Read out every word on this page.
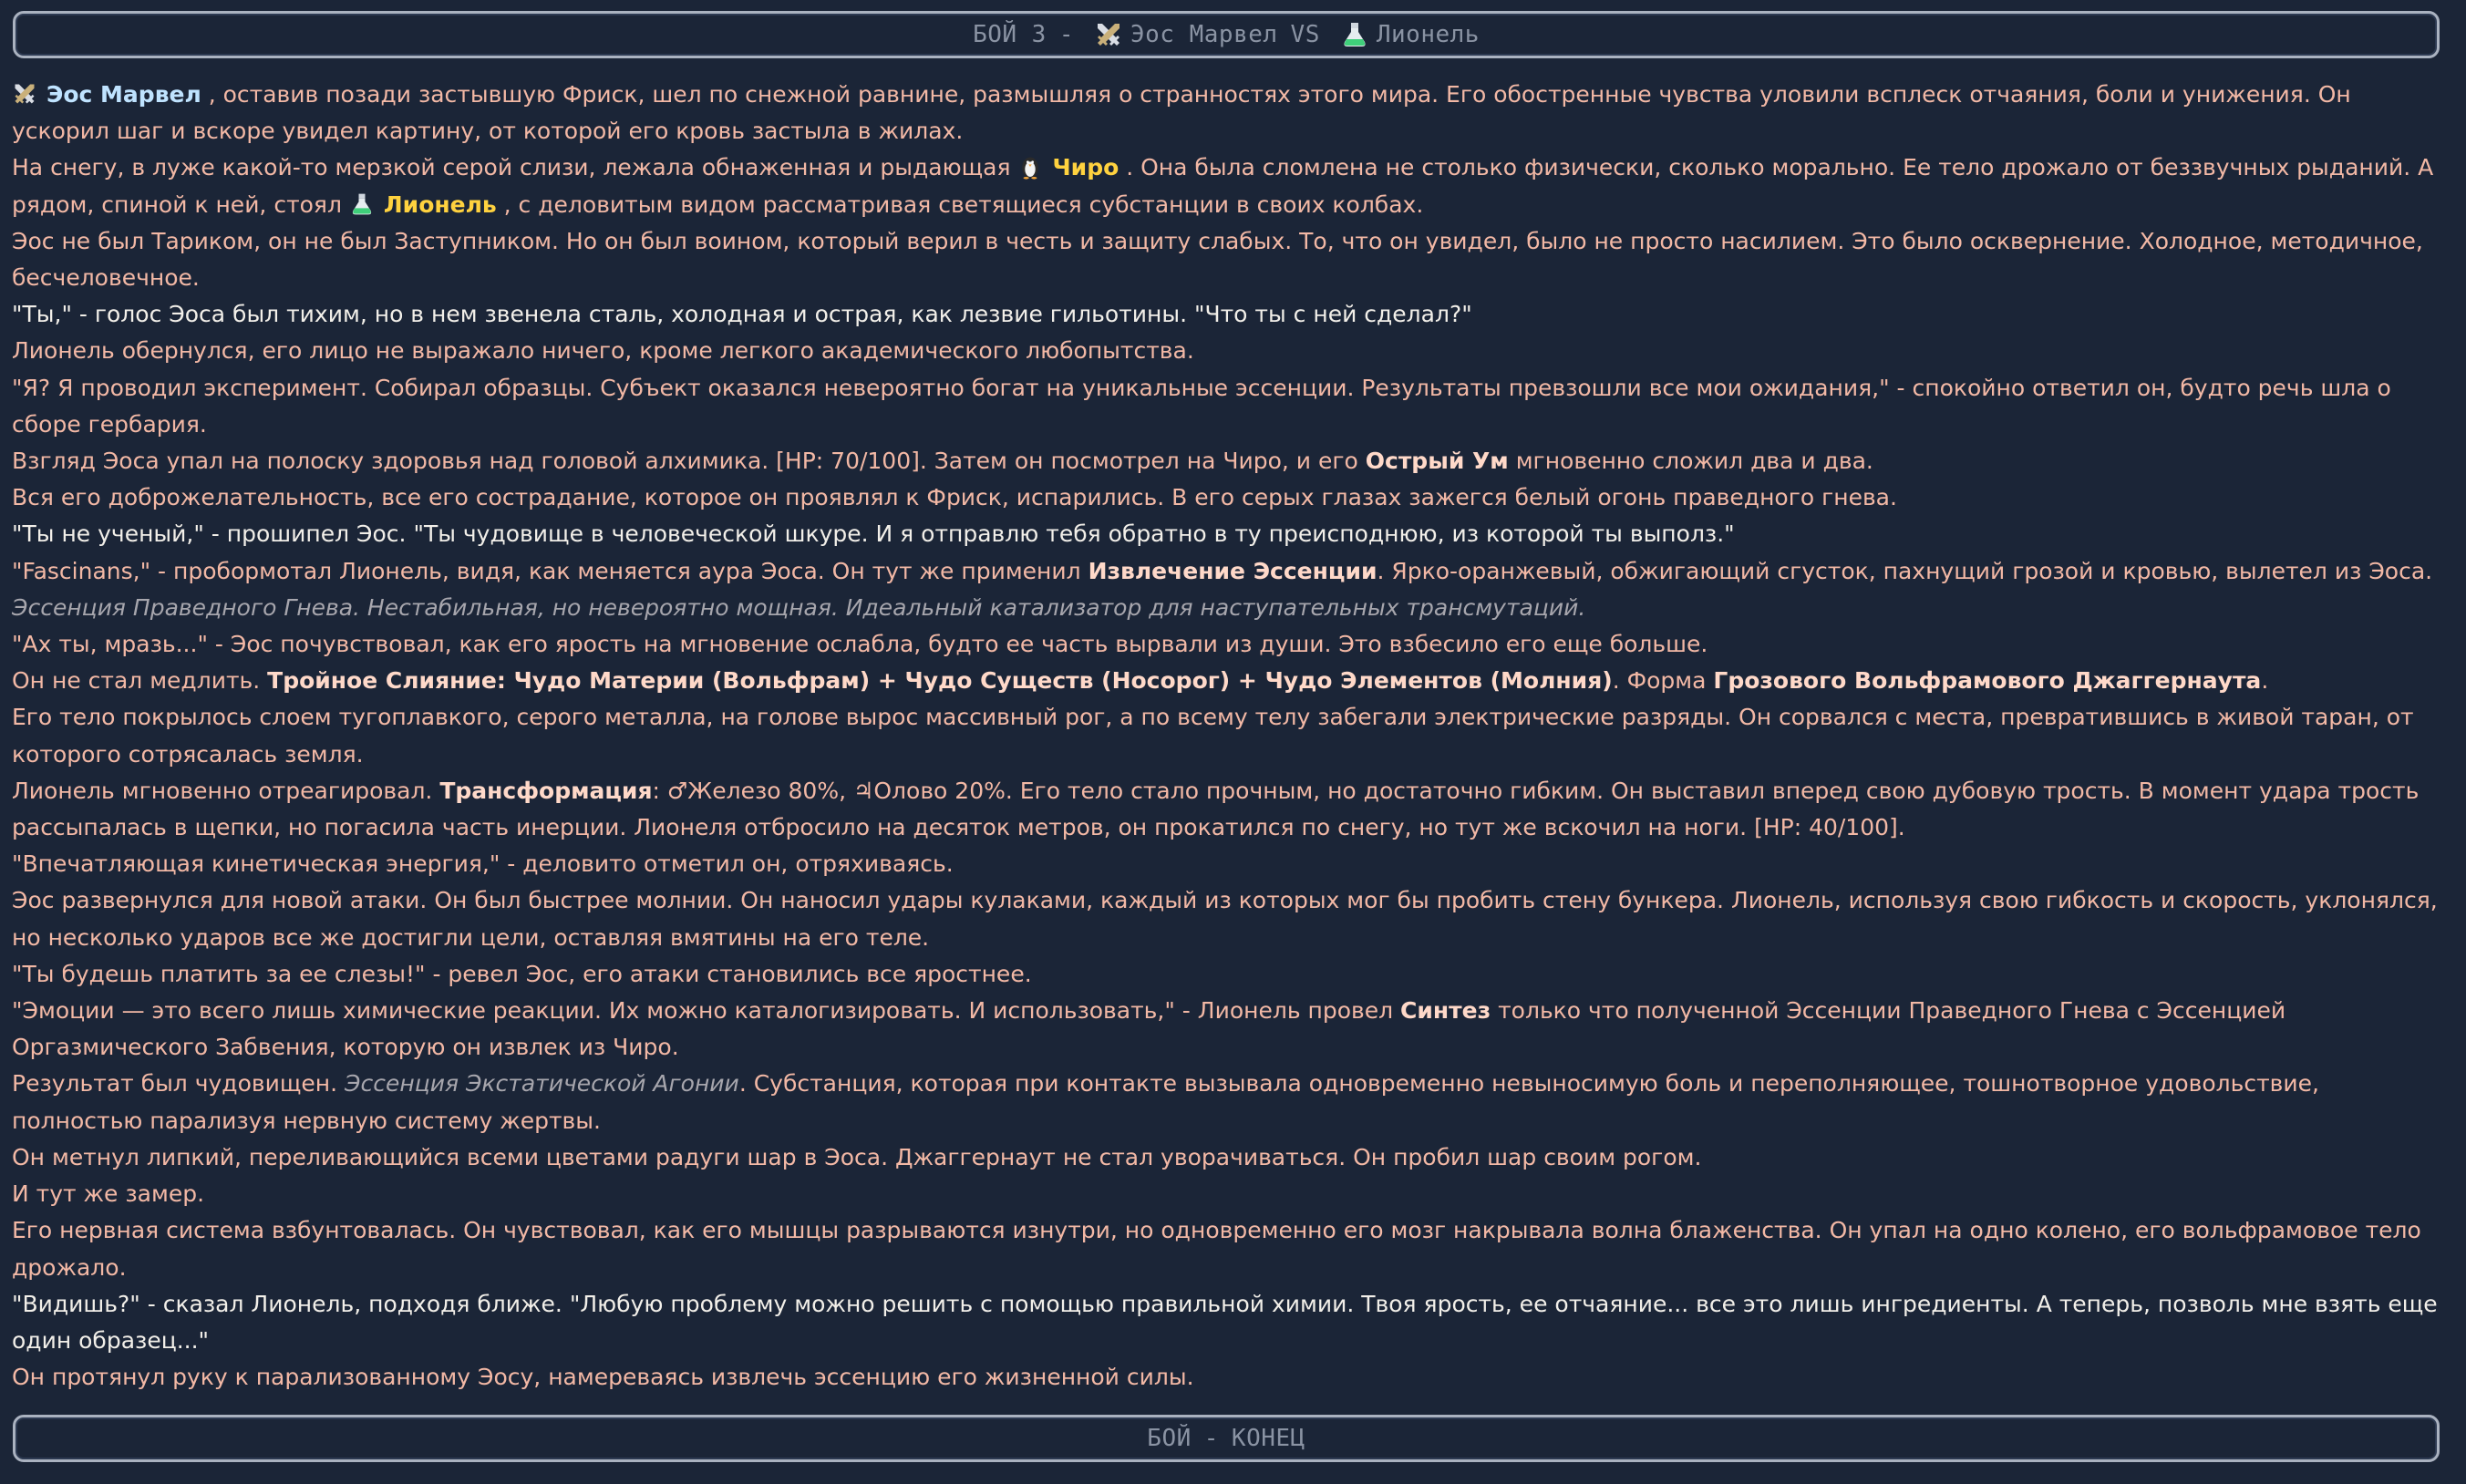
БОЙ 3 - Эос Марвел VS Лионель

Эос Марвел , оставив позади застывшую Фриск, шел по снежной равнине, размышляя о странностях этого мира. Его обостренные чувства уловили всплеск отчаяния, боли и унижения. Он ускорил шаг и вскоре увидел картину, от которой его кровь застыла в жилах.

На снегу, в луже какой-то мерзкой серой слизи, лежала обнаженная и рыдающая
Чиро . Она была сломлена не столько физически, сколько морально. Ее тело дрожало от беззвучных рыданий. А рядом, спиной к ней, стоял
Лионель , с деловитым видом рассматривая светящиеся субстанции в своих колбах.

Эос не был Тариком, он не был Заступником. Но он был воином, который верил в честь и защиту слабых. То, что он увидел, было не просто насилием. Это было осквернение. Холодное, методичное, бесчеловечное.

"Ты," - голос Эоса был тихим, но в нем звенела сталь, холодная и острая, как лезвие гильотины. "Что ты с ней сделал?"

Лионель обернулся, его лицо не выражало ничего, кроме легкого академического любопытства.

"Я? Я проводил эксперимент. Собирал образцы. Субъект оказался невероятно богат на уникальные эссенции. Результаты превзошли все мои ожидания," - спокойно ответил он, будто речь шла о сборе гербария.

Взгляд Эоса упал на полоску здоровья над головой алхимика. [HP: 70/100]. Затем он посмотрел на Чиро, и его Острый Ум мгновенно сложил два и два.

Вся его доброжелательность, все его сострадание, которое он проявлял к Фриск, испарились. В его серых глазах зажегся белый огонь праведного гнева.

"Ты не ученый," - прошипел Эос. "Ты чудовище в человеческой шкуре. И я отправлю тебя обратно в ту преисподнюю, из которой ты выполз."

"Fascinans," - пробормотал Лионель, видя, как меняется аура Эоса. Он тут же применил Извлечение Эссенции. Ярко-оранжевый, обжигающий сгусток, пахнущий грозой и кровью, вылетел из Эоса.

Эссенция Праведного Гнева. Нестабильная, но невероятно мощная. Идеальный катализатор для наступательных трансмутаций.

"Ах ты, мразь..." - Эос почувствовал, как его ярость на мгновение ослабла, будто ее часть вырвали из души. Это взбесило его еще больше.

Он не стал медлить. Тройное Слияние: Чудо Материи (Вольфрам) + Чудо Существ (Носорог) + Чудо Элементов (Молния). Форма Грозового Вольфрамового Джаггернаута.

Его тело покрылось слоем тугоплавкого, серого металла, на голове вырос массивный рог, а по всему телу забегали электрические разряды. Он сорвался с места, превратившись в живой таран, от которого сотрясалась земля.

Лионель мгновенно отреагировал. Трансформация: ♂Железо 80%, ♃Олово 20%. Его тело стало прочным, но достаточно гибким. Он выставил вперед свою дубовую трость. В момент удара трость рассыпалась в щепки, но погасила часть инерции. Лионеля отбросило на десяток метров, он прокатился по снегу, но тут же вскочил на ноги. [HP: 40/100].

"Впечатляющая кинетическая энергия," - деловито отметил он, отряхиваясь.

Эос развернулся для новой атаки. Он был быстрее молнии. Он наносил удары кулаками, каждый из которых мог бы пробить стену бункера. Лионель, используя свою гибкость и скорость, уклонялся, но несколько ударов все же достигли цели, оставляя вмятины на его теле.

"Ты будешь платить за ее слезы!" - ревел Эос, его атаки становились все яростнее.

"Эмоции — это всего лишь химические реакции. Их можно каталогизировать. И использовать," - Лионель провел Синтез только что полученной Эссенции Праведного Гнева с Эссенцией Оргазмического Забвения, которую он извлек из Чиро.

Результат был чудовищен. Эссенция Экстатической Агонии. Субстанция, которая при контакте вызывала одновременно невыносимую боль и переполняющее, тошнотворное удовольствие, полностью парализуя нервную систему жертвы.

Он метнул липкий, переливающийся всеми цветами радуги шар в Эоса. Джаггернаут не стал уворачиваться. Он пробил шар своим рогом.

И тут же замер.

Его нервная система взбунтовалась. Он чувствовал, как его мышцы разрываются изнутри, но одновременно его мозг накрывала волна блаженства. Он упал на одно колено, его вольфрамовое тело дрожало.

"Видишь?" - сказал Лионель, подходя ближе. "Любую проблему можно решить с помощью правильной химии. Твоя ярость, ее отчаяние... все это лишь ингредиенты. А теперь, позволь мне взять еще один образец..."

Он протянул руку к парализованному Эосу, намереваясь извлечь эссенцию его жизненной силы.

БОЙ - КОНЕЦ
